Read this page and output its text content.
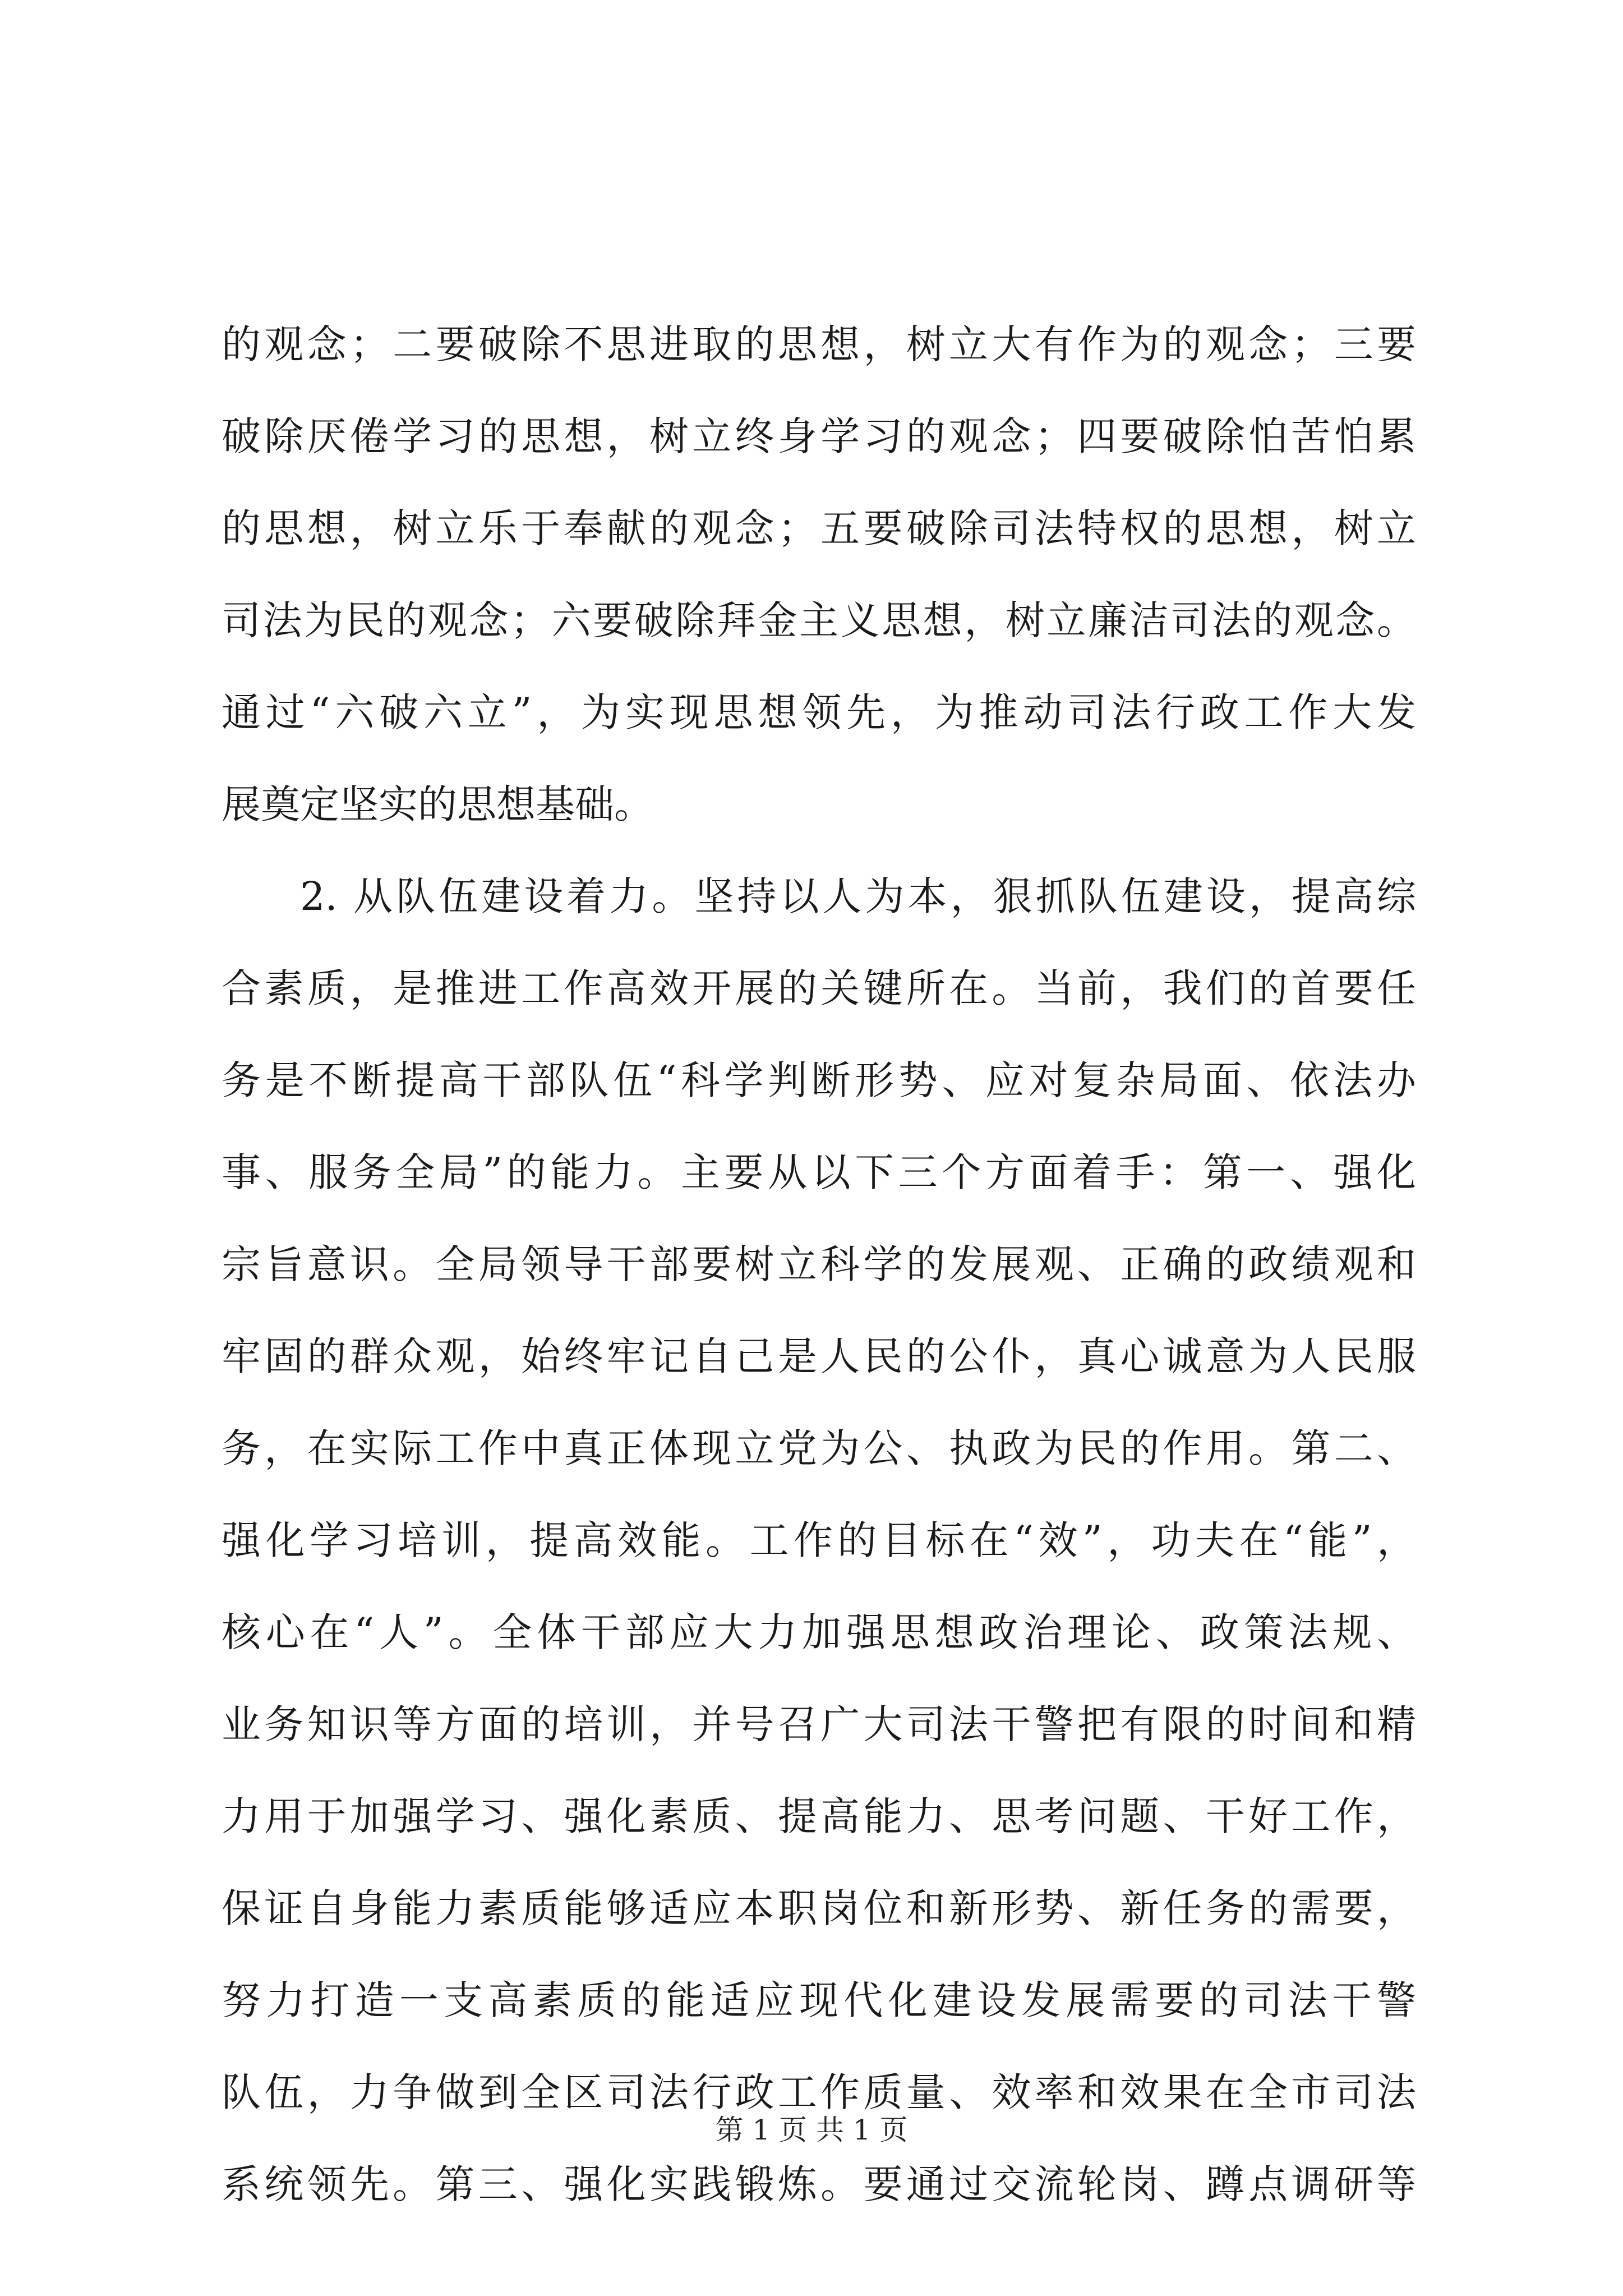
的观念；二要破除不思进取的思想，树立大有作为的观念；三要
破除厌倦学习的思想，树立终身学习的观念；四要破除怕苦怕累
的思想，树立乐于奉献的观念；五要破除司法特权的思想，树立
司法为民的观念；六要破除拜金主义思想，树立廉洁司法的观念。
通过“六破六立”，为实现思想领先，为推动司法行政工作大发
展奠定坚实的思想基础。
2. 从队伍建设着力。坚持以人为本，狠抓队伍建设，提高综
合素质，是推进工作高效开展的关键所在。当前，我们的首要任
务是不断提高干部队伍“科学判断形势、应对复杂局面、依法办
事、服务全局”的能力。主要从以下三个方面着手：第一、强化
宗旨意识。全局领导干部要树立科学的发展观、正确的政绩观和
牢固的群众观，始终牢记自己是人民的公仆，真心诚意为人民服
务，在实际工作中真正体现立党为公、执政为民的作用。第二、
强化学习培训，提高效能。工作的目标在“效”，功夫在“能”，
核心在“人”。全体干部应大力加强思想政治理论、政策法规、
业务知识等方面的培训，并号召广大司法干警把有限的时间和精
力用于加强学习、强化素质、提高能力、思考问题、干好工作，
保证自身能力素质能够适应本职岗位和新形势、新任务的需要，
努力打造一支高素质的能适应现代化建设发展需要的司法干警
队伍，力争做到全区司法行政工作质量、效率和效果在全市司法
系统领先。第三、强化实践锻炼。要通过交流轮岗、蹲点调研等
第 1 页 共 1 页
